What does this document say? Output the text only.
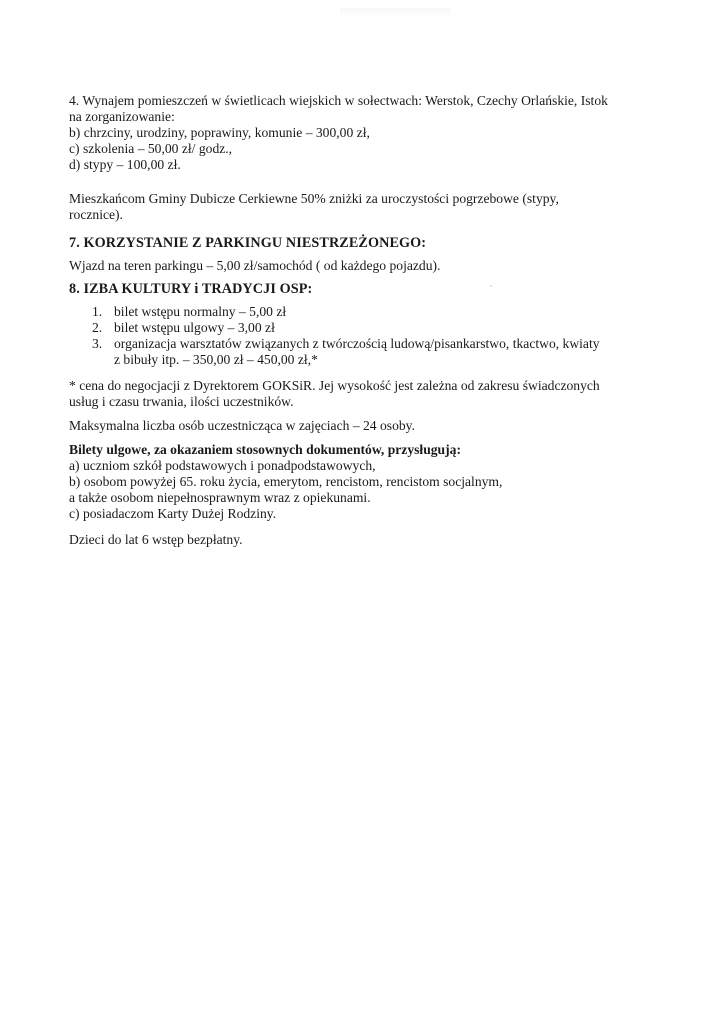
4. Wynajem pomieszczeń w świetlicach wiejskich w sołectwach: Werstok, Czechy Orlańskie, Istok

na zorganizowanie:

b) chrzciny, urodziny, poprawiny, komunie – 300,00 zł,

c) szkolenia – 50,00 zł/ godz.,

d) stypy – 100,00 zł.

Mieszkańcom Gminy Dubicze Cerkiewne 50% zniżki za uroczystości pogrzebowe (stypy,

rocznice).

7. KORZYSTANIE Z PARKINGU NIESTRZEŻONEGO:

Wjazd na teren parkingu – 5,00 zł/samochód ( od każdego pojazdu).

8. IZBA KULTURY i TRADYCJI OSP:
1. bilet wstępu normalny – 5,00 zł
2. bilet wstępu ulgowy – 3,00 zł
3. organizacja warsztatów związanych z twórczością ludową/pisankarstwo, tkactwo, kwiaty
z bibuły itp. – 350,00 zł – 450,00 zł,*

* cena do negocjacji z Dyrektorem GOKSiR. Jej wysokość jest zależna od zakresu świadczonych

usług i czasu trwania, ilości uczestników.

Maksymalna liczba osób uczestnicząca w zajęciach – 24 osoby.

Bilety ulgowe, za okazaniem stosownych dokumentów, przysługują:

a) uczniom szkół podstawowych i ponadpodstawowych,

b) osobom powyżej 65. roku życia, emerytom, rencistom, rencistom socjalnym,

a także osobom niepełnosprawnym wraz z opiekunami.

c) posiadaczom Karty Dużej Rodziny.

Dzieci do lat 6 wstęp bezpłatny.
